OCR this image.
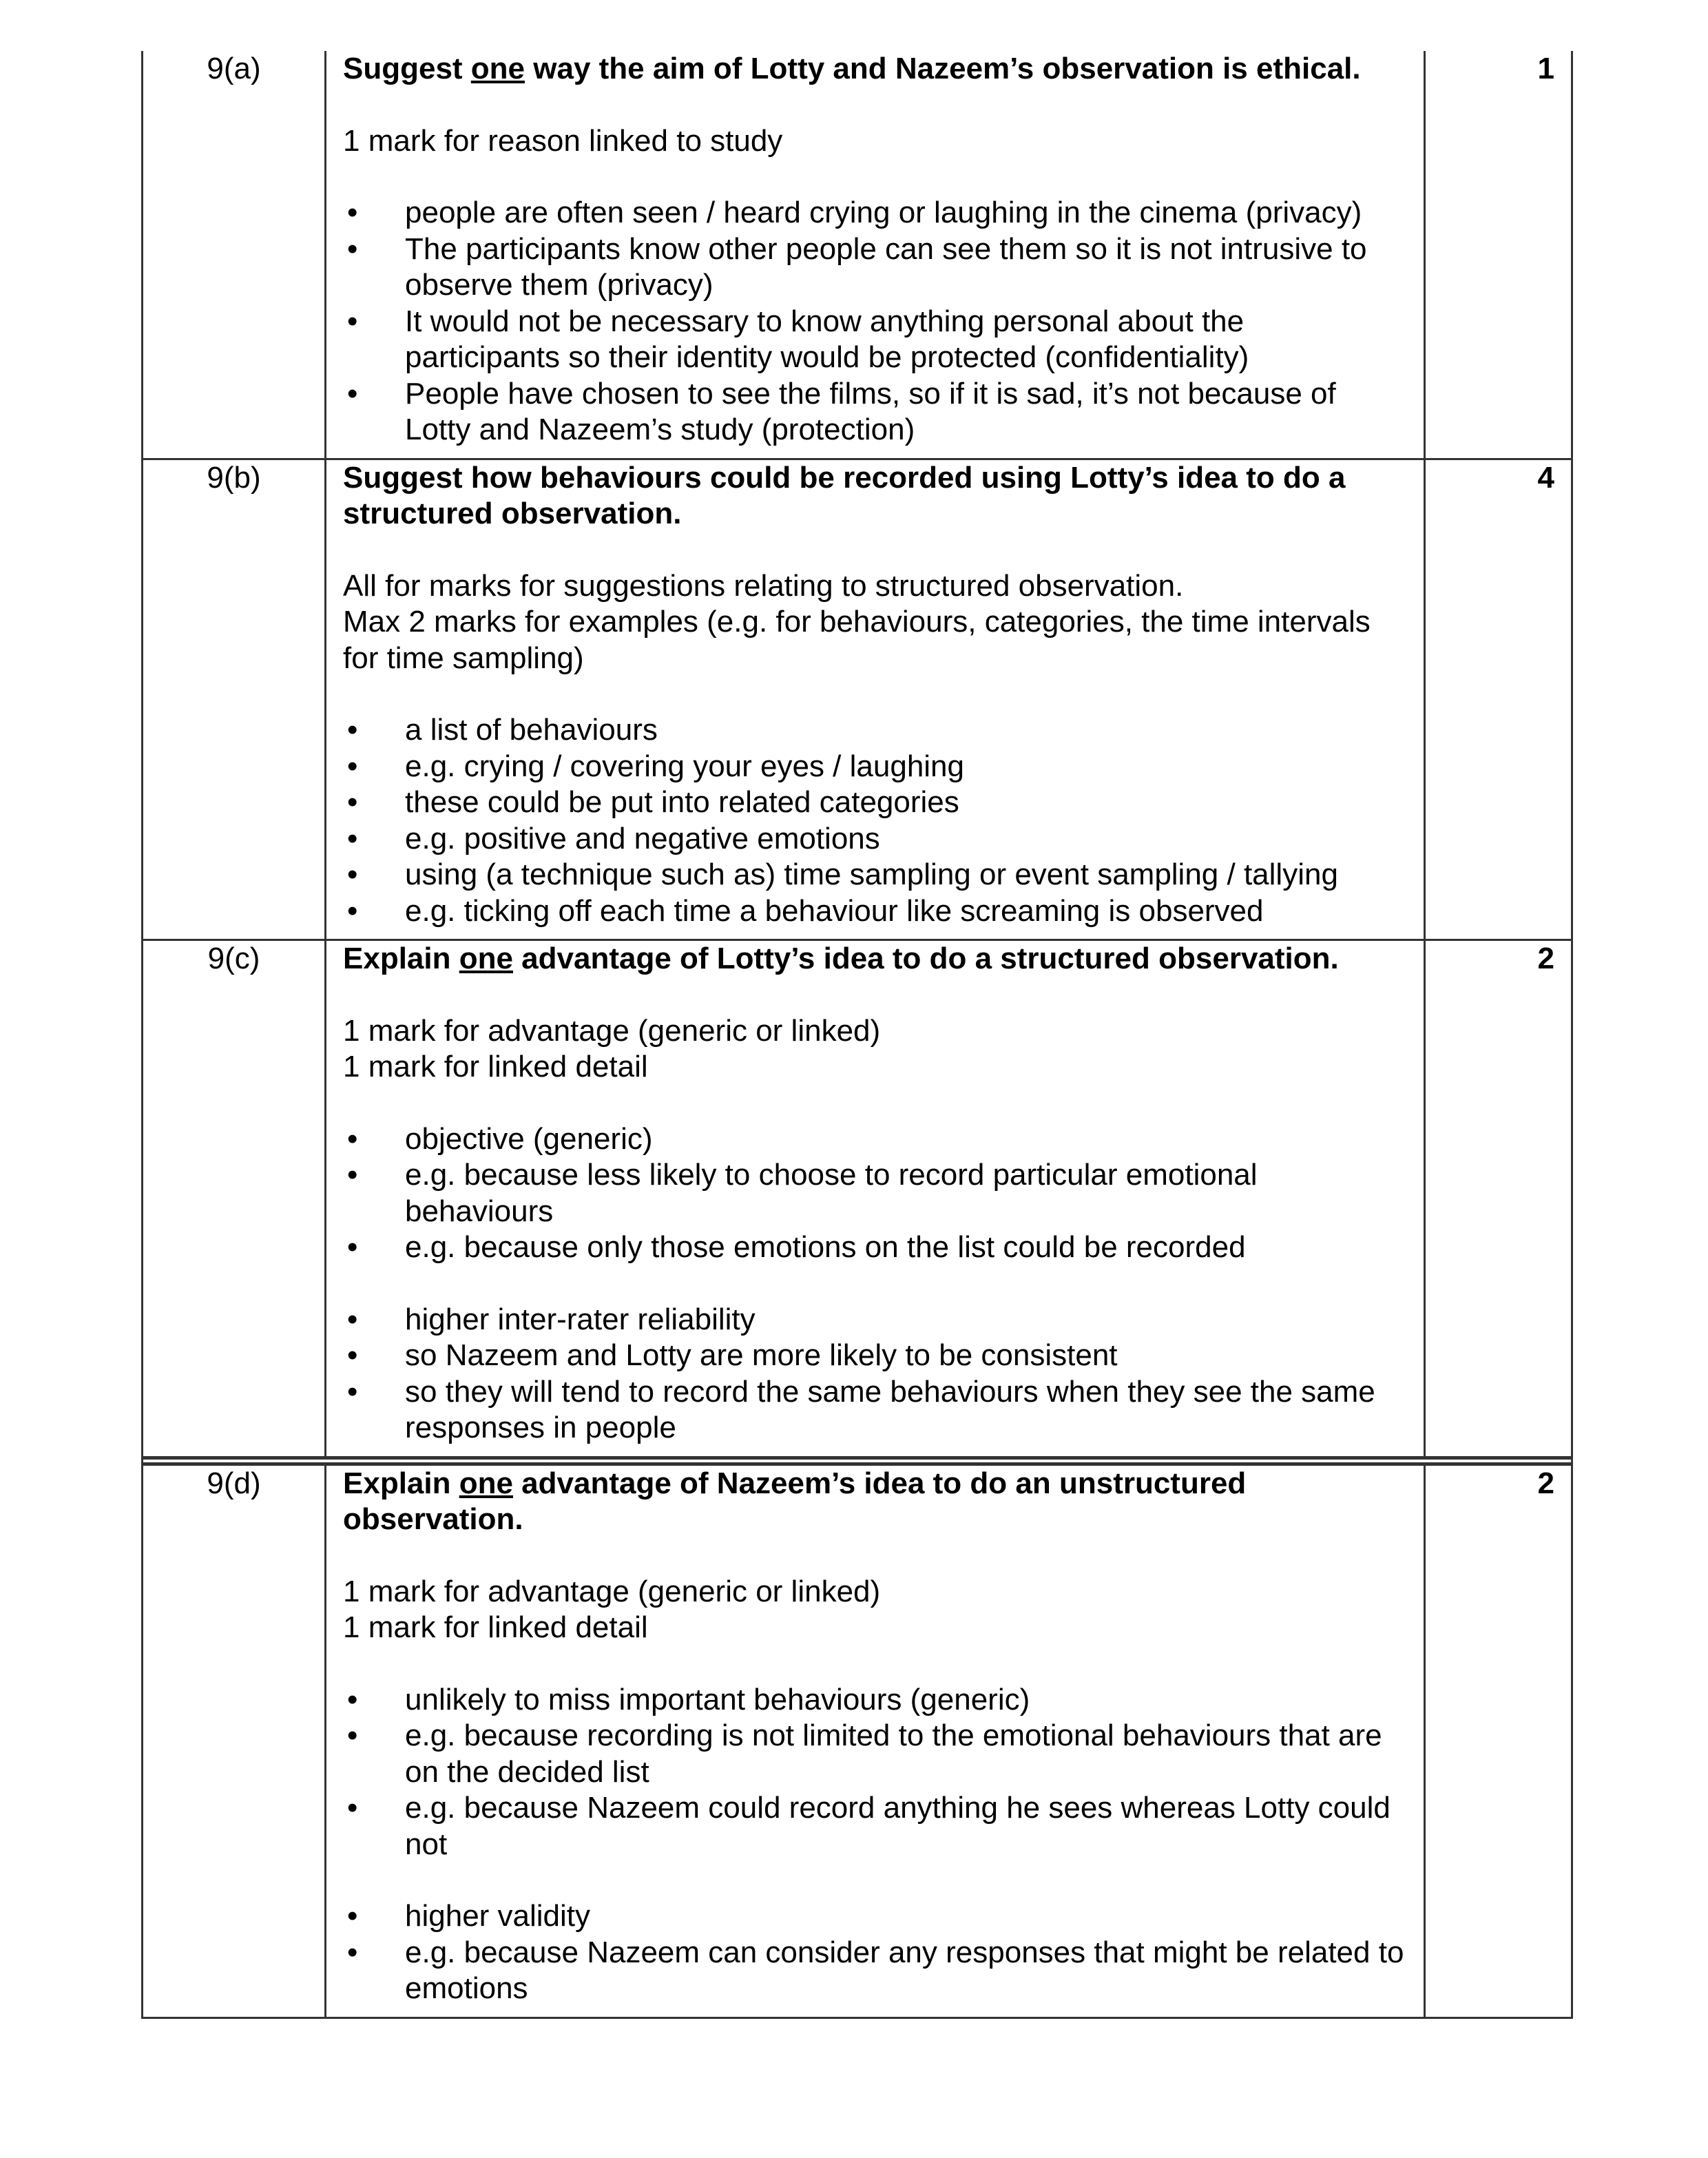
9(a)	Suggest one way the aim of Lotty and Nazeem’s observation is ethical.

1 mark for reason linked to study
• people are often seen / heard crying or laughing in the cinema (privacy)
• The participants know other people can see them so it is not intrusive to observe them (privacy)
• It would not be necessary to know anything personal about the participants so their identity would be protected (confidentiality)
• People have chosen to see the films, so if it is sad, it’s not because of Lotty and Nazeem’s study (protection)
1
9(b)	Suggest how behaviours could be recorded using Lotty’s idea to do a structured observation.

All for marks for suggestions relating to structured observation.
Max 2 marks for examples (e.g. for behaviours, categories, the time intervals for time sampling)
• a list of behaviours
• e.g. crying / covering your eyes / laughing
• these could be put into related categories
• e.g. positive and negative emotions
• using (a technique such as) time sampling or event sampling / tallying
• e.g. ticking off each time a behaviour like screaming is observed
4
9(c)	Explain one advantage of Lotty’s idea to do a structured observation.

1 mark for advantage (generic or linked)
1 mark for linked detail
• objective (generic)
• e.g. because less likely to choose to record particular emotional behaviours
• e.g. because only those emotions on the list could be recorded
• higher inter-rater reliability
• so Nazeem and Lotty are more likely to be consistent
• so they will tend to record the same behaviours when they see the same responses in people
2
9(d)	Explain one advantage of Nazeem’s idea to do an unstructured observation.

1 mark for advantage (generic or linked)
1 mark for linked detail
• unlikely to miss important behaviours (generic)
• e.g. because recording is not limited to the emotional behaviours that are on the decided list
• e.g. because Nazeem could record anything he sees whereas Lotty could not
• higher validity
• e.g. because Nazeem can consider any responses that might be related to emotions
2
